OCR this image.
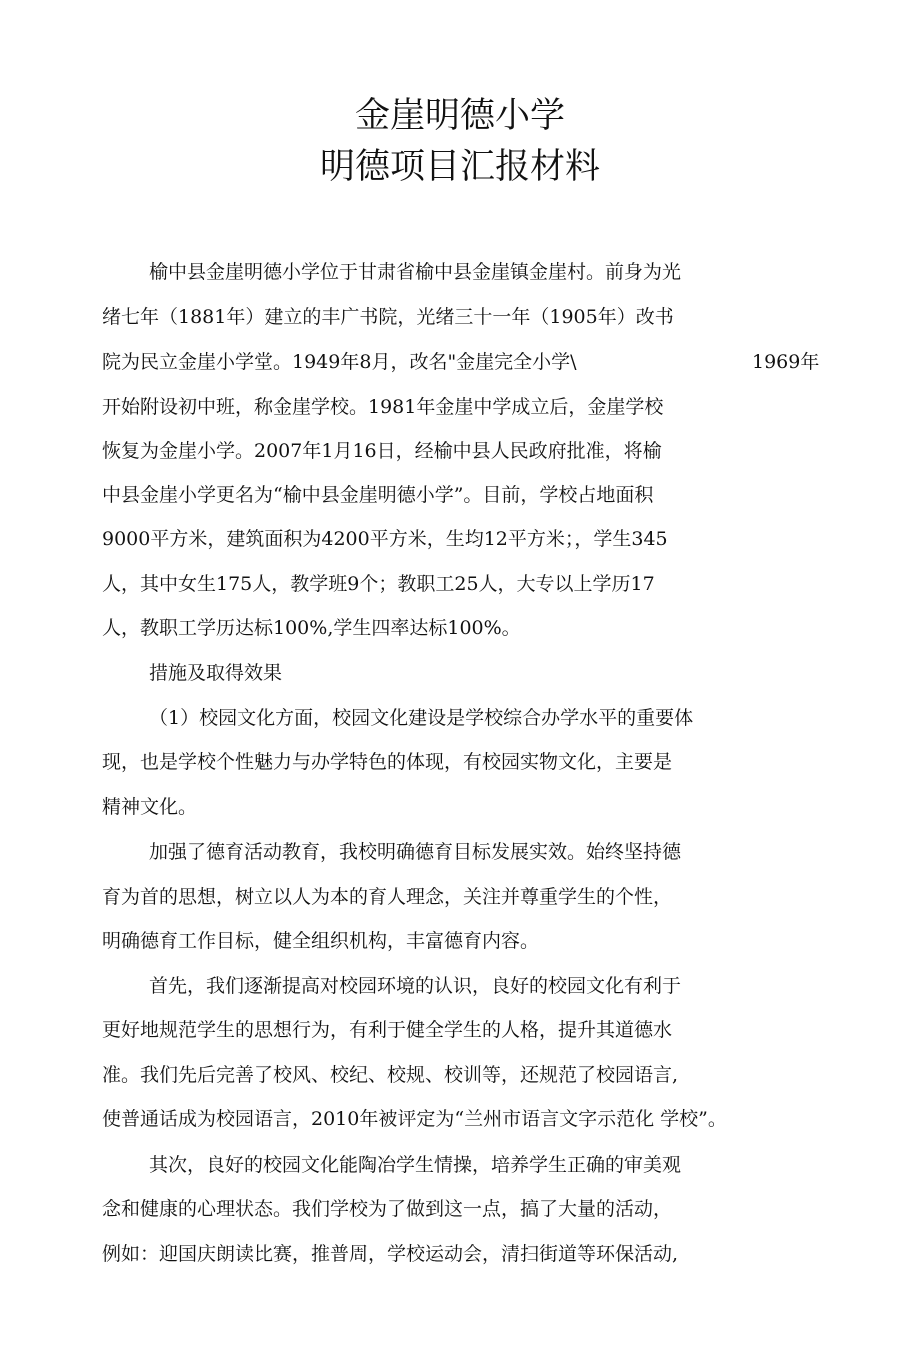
金崖明德小学
明德项目汇报材料
榆中县金崖明德小学位于甘肃省榆中县金崖镇金崖村。前身为光
绪七年（1881年）建立的丰广书院，光绪三十一年（1905年）改书
院为民立金崖小学堂。1949年8月，改名"金崖完全小学\	1969年
开始附设初中班，称金崖学校。1981年金崖中学成立后，金崖学校
恢复为金崖小学。2007年1月16日，经榆中县人民政府批准，将榆
中县金崖小学更名为“榆中县金崖明德小学”。目前，学校占地面积
9000平方米，建筑面积为4200平方米，生均12平方米；，学生345
人，其中女生175人，教学班9个；教职工25人，大专以上学历17
人，教职工学历达标100%,学生四率达标100%。
措施及取得效果
（1）校园文化方面，校园文化建设是学校综合办学水平的重要体
现，也是学校个性魅力与办学特色的体现，有校园实物文化，主要是
精神文化。
加强了德育活动教育，我校明确德育目标发展实效。始终坚持德
育为首的思想，树立以人为本的育人理念，关注并尊重学生的个性，
明确德育工作目标，健全组织机构，丰富德育内容。
首先，我们逐渐提高对校园环境的认识，良好的校园文化有利于
更好地规范学生的思想行为，有利于健全学生的人格，提升其道德水
准。我们先后完善了校风、校纪、校规、校训等，还规范了校园语言,
使普通话成为校园语言，2010年被评定为“兰州市语言文字示范化 学校”。
其次，良好的校园文化能陶冶学生情操，培养学生正确的审美观
念和健康的心理状态。我们学校为了做到这一点，搞了大量的活动，
例如：迎国庆朗读比赛，推普周，学校运动会，清扫街道等环保活动,
